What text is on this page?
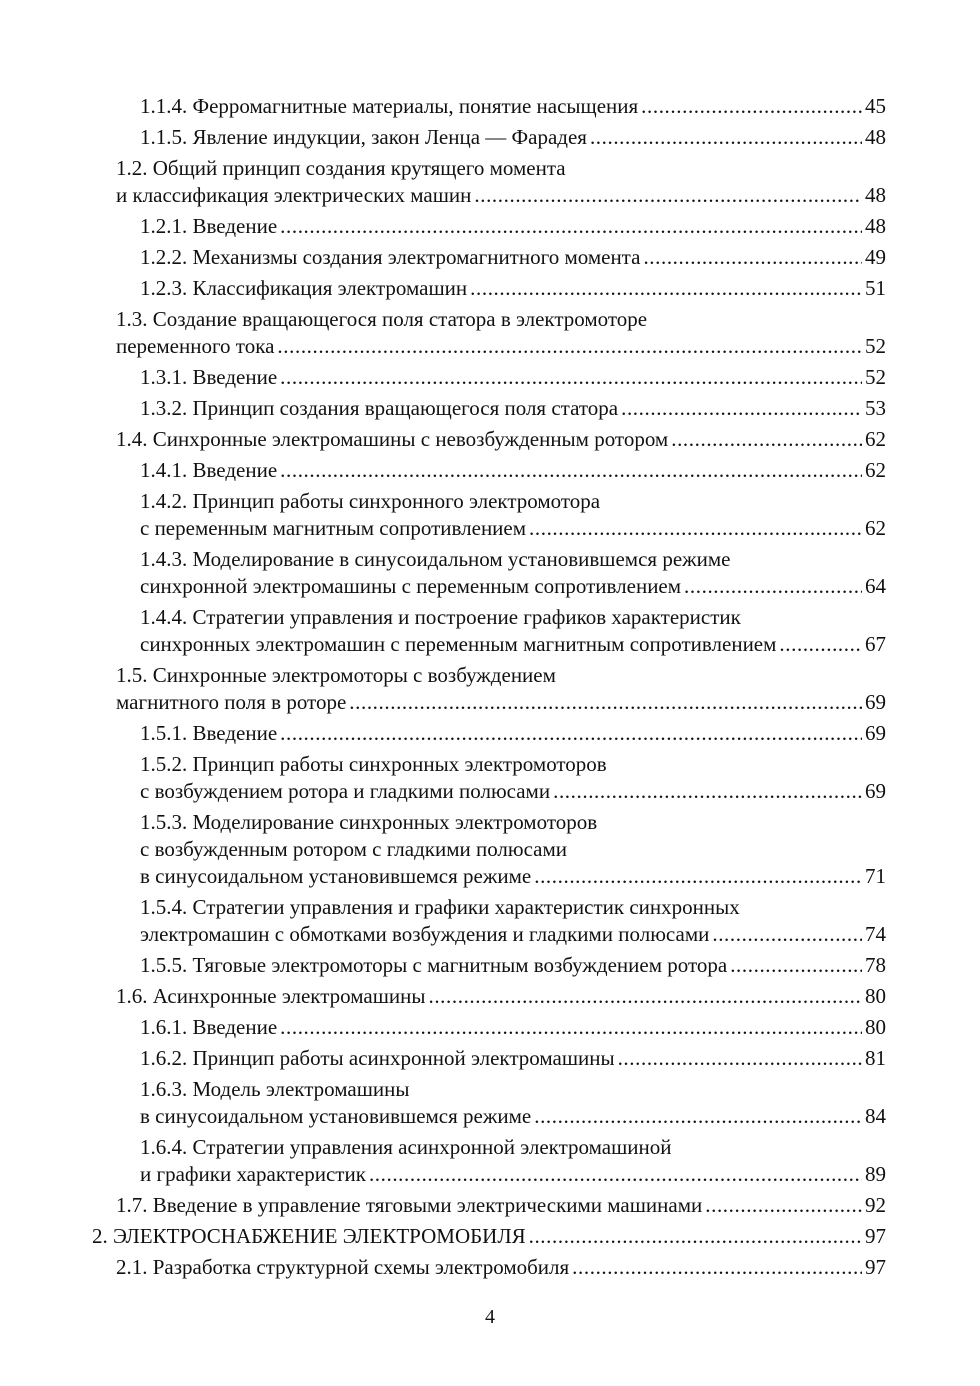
1.1.4. Ферромагнитные материалы, понятие насыщения .....	45
1.1.5. Явление индукции, закон Ленца — Фарадея .....	48
1.2. Общий принцип создания крутящего момента
и классификация электрических машин .....	48
1.2.1. Введение .....	48
1.2.2. Механизмы создания электромагнитного момента .....	49
1.2.3. Классификация электромашин .....	51
1.3. Создание вращающегося поля статора в электромоторе
переменного тока .....	52
1.3.1. Введение .....	52
1.3.2. Принцип создания вращающегося поля статора .....	53
1.4. Синхронные электромашины с невозбужденным ротором .....	62
1.4.1. Введение .....	62
1.4.2. Принцип работы синхронного электромотора
с переменным магнитным сопротивлением .....	62
1.4.3. Моделирование в синусоидальном установившемся режиме
синхронной электромашины с переменным сопротивлением .....	64
1.4.4. Стратегии управления и построение графиков характеристик
синхронных электромашин с переменным магнитным сопротивлением .....	67
1.5. Синхронные электромоторы с возбуждением
магнитного поля в роторе .....	69
1.5.1. Введение .....	69
1.5.2. Принцип работы синхронных электромоторов
с возбуждением ротора и гладкими полюсами .....	69
1.5.3. Моделирование синхронных электромоторов
с возбужденным ротором с гладкими полюсами
в синусоидальном установившемся режиме .....	71
1.5.4. Стратегии управления и графики характеристик синхронных
электромашин с обмотками возбуждения и гладкими полюсами .....	74
1.5.5. Тяговые электромоторы с магнитным возбуждением ротора .....	78
1.6. Асинхронные электромашины .....	80
1.6.1. Введение .....	80
1.6.2. Принцип работы асинхронной электромашины .....	81
1.6.3. Модель электромашины
в синусоидальном установившемся режиме .....	84
1.6.4. Стратегии управления асинхронной электромашиной
и графики характеристик .....	89
1.7. Введение в управление тяговыми электрическими машинами .....	92
2. ЭЛЕКТРОСНАБЖЕНИЕ ЭЛЕКТРОМОБИЛЯ .....	97
2.1. Разработка структурной схемы электромобиля .....	97
4
